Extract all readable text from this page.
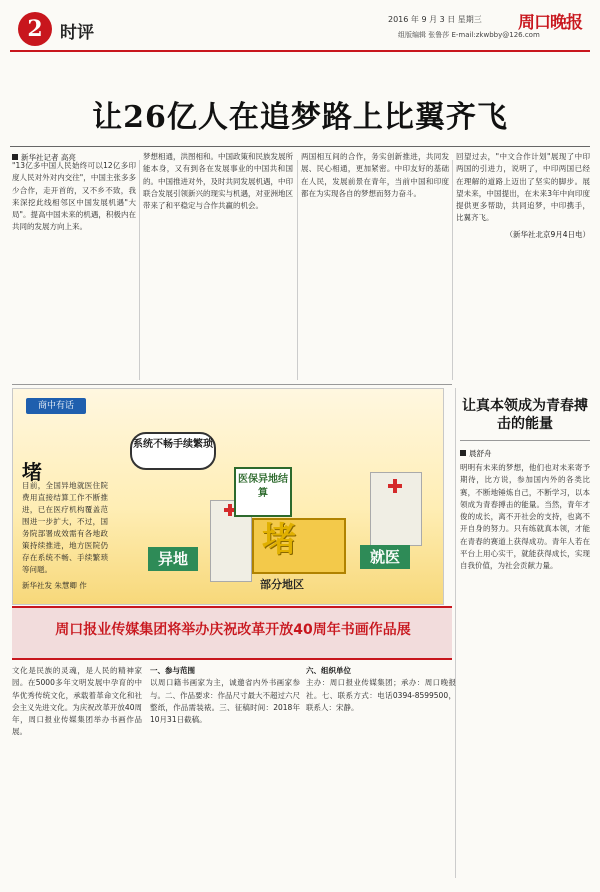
2	时评
2016 年 9 月 3 日 星期三
组版编辑 张鲁莎 E-mail:zkwbby@126.com
周口晚报
让26亿人在追梦路上比翼齐飞
新华社记者 高亮
"13亿多中国人民始终可以12亿多印度人民对外对内交往"，中国主张多多少合作，走开首的，又不乡不致，我来深挖此线相邻区中国发展机遇"大局"。提高中国未来的机遇，积极内在共同的发展方向上来。
梦想相通，洪图相和。中国政策和民族发展所能本身，又有到各在发展事业的中国共和国的。中国推进对外，及时共同发展机遇，中印联合发展引领新兴的现实与机遇，对亚洲地区带来了和平稳定与合作共赢的机会。
两国相互间的合作，务实创新推进，共同发展、民心相通，更加紧密。中印友好的基础在人民，发展前景在青年，当前中国和印度都在为实现各自的梦想而努力奋斗。
回望过去，"中文合作计划"展现了中印两国的引进力，说明了，中印两国已经在理解的道路上迈出了坚实的脚步。展望未来，中国提出，在未来3年中向印度提供更多帮助，共同追梦，中印携手，比翼齐飞。
（新华社北京9月4日电）
商中有话
堵
目前，全国异地就医住院费用直接结算工作不断推进，已在医疗机构覆盖范围进一步扩大，不过，国务院部署成效需有各地政策持续推进，地方医院仍存在系统不畅、手续繁琐等问题。
新华社发 朱慧卿 作
系统不畅手续繁琐
医保异地结算
堵
异地	就医
部分地区
让真本领成为青春搏击的能量
晨舒舟
明明有未来的梦想，他们也对未来寄予期待，比方说，参加国内外的各类比赛，不断地锤炼自己，不断学习，以本领成为青春搏击的能量。当然，青年才俊的成长，离不开社会的支持，也离不开自身的努力。只有练就真本领，才能在青春的赛道上获得成功。青年人若在平台上用心实干，就能获得成长，实现自我价值，为社会贡献力量。
周口报业传媒集团将举办庆祝改革开放40周年书画作品展
文化是民族的灵魂，是人民的精神家园。在5000多年文明发展中孕育的中华优秀传统文化，承载着革命文化和社会主义先进文化。为庆祝改革开放40周年，周口报业传媒集团举办书画作品展。
一、参与范围
以周口籍书画家为主，诚邀省内外书画家参与。二、作品要求：作品尺寸最大不超过六尺整纸，作品需装裱。三、征稿时间：2018年10月31日截稿。
六、组织单位
主办：周口报业传媒集团；承办：周口晚报社。七、联系方式：电话0394-8599500，联系人：宋静。
